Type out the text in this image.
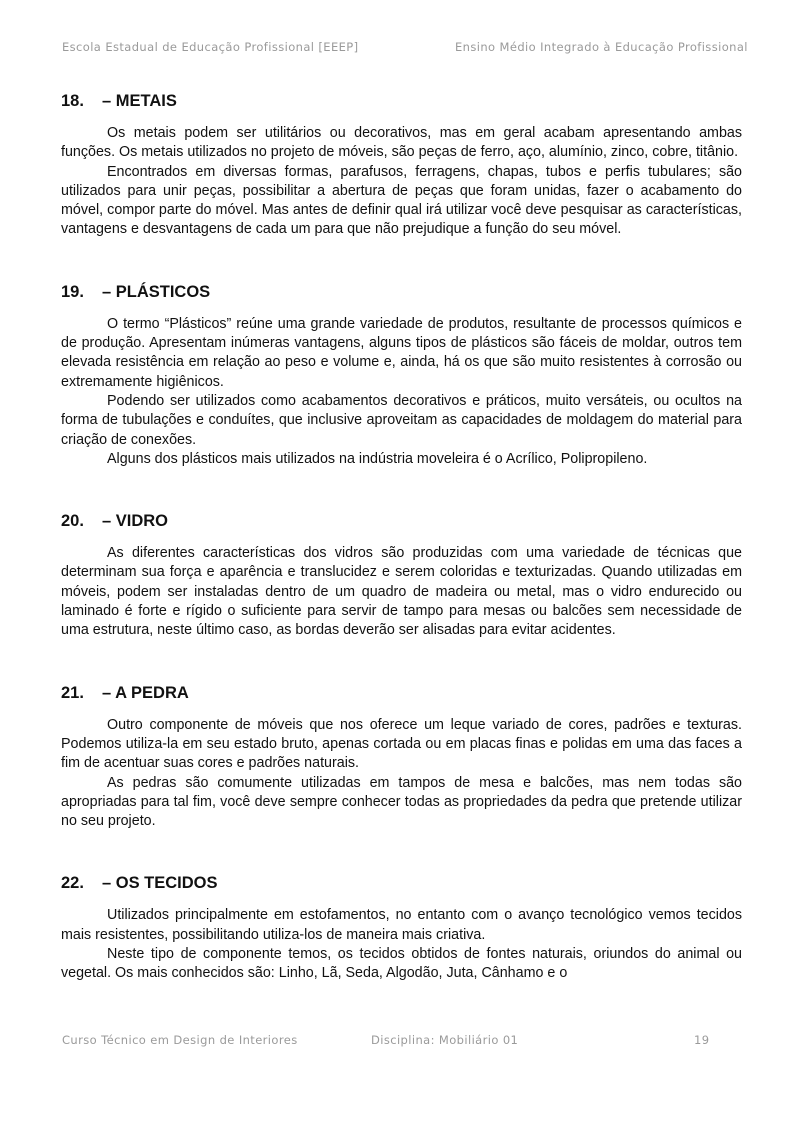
Escola Estadual de Educação Profissional [EEEP]	Ensino Médio Integrado à Educação Profissional
18.	– METAIS

Os metais podem ser utilitários ou decorativos, mas em geral acabam apresentando ambas funções. Os metais utilizados no projeto de móveis, são peças de ferro, aço, alumínio, zinco, cobre, titânio.

Encontrados em diversas formas, parafusos, ferragens, chapas, tubos e perfis tubulares; são utilizados para unir peças, possibilitar a abertura de peças que foram unidas, fazer o acabamento do móvel, compor parte do móvel. Mas antes de definir qual irá utilizar você deve pesquisar as características, vantagens e desvantagens de cada um para que não prejudique a função do seu móvel.

19.	– PLÁSTICOS

O termo “Plásticos” reúne uma grande variedade de produtos, resultante de processos químicos e de produção. Apresentam inúmeras vantagens, alguns tipos de plásticos são fáceis de moldar, outros tem elevada resistência em relação ao peso e volume e, ainda, há os que são muito resistentes à corrosão ou extremamente higiênicos.

Podendo ser utilizados como acabamentos decorativos e práticos, muito versáteis, ou ocultos na forma de tubulações e conduítes, que inclusive aproveitam as capacidades de moldagem do material para criação de conexões.

Alguns dos plásticos mais utilizados na indústria moveleira é o Acrílico, Polipropileno.

20.	– VIDRO

As diferentes características dos vidros são produzidas com uma variedade de técnicas que determinam sua força e aparência e translucidez e serem coloridas e texturizadas. Quando utilizadas em móveis, podem ser instaladas dentro de um quadro de madeira ou metal, mas o vidro endurecido ou laminado é forte e rígido o suficiente para servir de tampo para mesas ou balcões sem necessidade de uma estrutura, neste último caso, as bordas deverão ser alisadas para evitar acidentes.

21.	– A PEDRA

Outro componente de móveis que nos oferece um leque variado de cores, padrões e texturas. Podemos utiliza-la em seu estado bruto, apenas cortada ou em placas finas e polidas em uma das faces a fim de acentuar suas cores e padrões naturais.

As pedras são comumente utilizadas em tampos de mesa e balcões, mas nem todas são apropriadas para tal fim, você deve sempre conhecer todas as propriedades da pedra que pretende utilizar no seu projeto.

22.	– OS TECIDOS

Utilizados principalmente em estofamentos, no entanto com o avanço tecnológico vemos tecidos mais resistentes, possibilitando utiliza-los de maneira mais criativa.

Neste tipo de componente temos, os tecidos obtidos de fontes naturais, oriundos do animal ou vegetal. Os mais conhecidos são: Linho, Lã, Seda, Algodão, Juta, Cânhamo e o

Curso Técnico em Design de Interiores	Disciplina: Mobiliário 01	19
